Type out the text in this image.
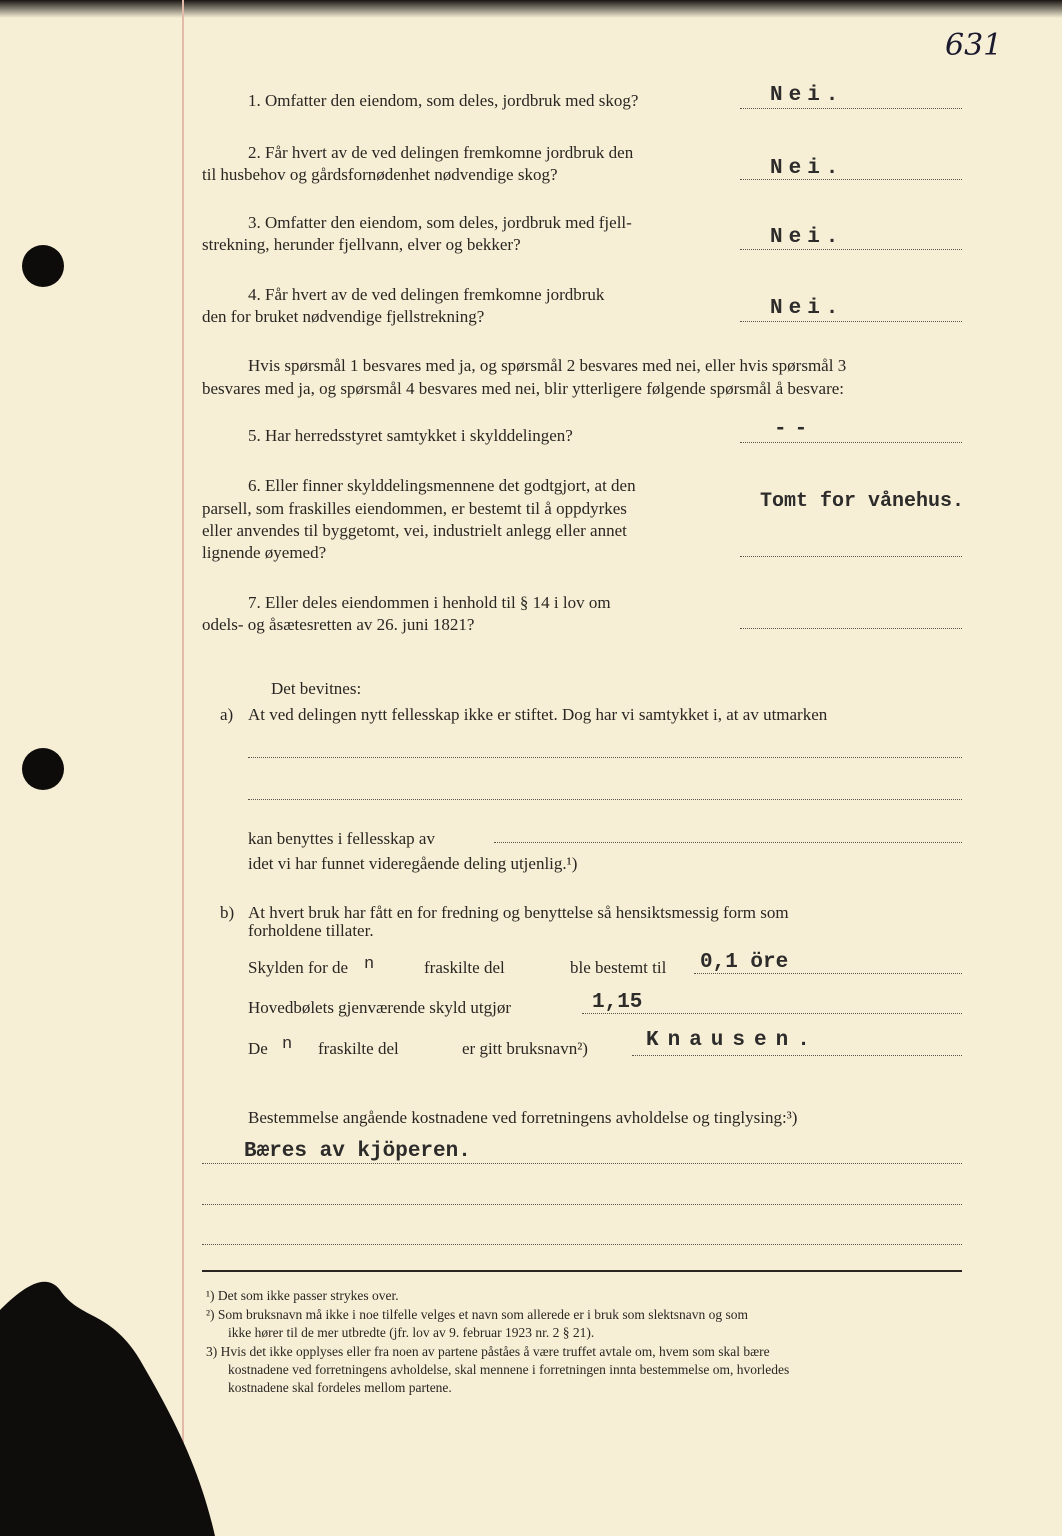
631
1. Omfatter den eiendom, som deles, jordbruk med skog?	Nei.
2. Får hvert av de ved delingen fremkomne jordbruk den
til husbehov og gårdsfornødenhet nødvendige skog?	Nei.
3. Omfatter den eiendom, som deles, jordbruk med fjell-
strekning, herunder fjellvann, elver og bekker?	Nei.
4. Får hvert av de ved delingen fremkomne jordbruk
den for bruket nødvendige fjellstrekning?	Nei.
Hvis spørsmål 1 besvares med ja, og spørsmål 2 besvares med nei, eller hvis spørsmål 3
besvares med ja, og spørsmål 4 besvares med nei, blir ytterligere følgende spørsmål å besvare:
5. Har herredsstyret samtykket i skylddelingen?	--
6. Eller finner skylddelingsmennene det godtgjort, at den
parsell, som fraskilles eiendommen, er bestemt til å oppdyrkes
eller anvendes til byggetomt, vei, industrielt anlegg eller annet
lignende øyemed?
Tomt for vånehus.
7. Eller deles eiendommen i henhold til § 14 i lov om
odels- og åsætesretten av 26. juni 1821?
Det bevitnes:
a) At ved delingen nytt fellesskap ikke er stiftet. Dog har vi samtykket i, at av utmarken
kan benyttes i fellesskap av
idet vi har funnet videregående deling utjenlig.¹)
b) At hvert bruk har fått en for fredning og benyttelse så hensiktsmessig form som
forholdene tillater.
Skylden for de n	fraskilte del	ble bestemt til 0,1 öre
Hovedbølets gjenværende skyld utgjør	1,15
De n fraskilte del	er gitt bruksnavn²)	Knausen.
Bestemmelse angående kostnadene ved forretningens avholdelse og tinglysing:³)
Bæres av kjöperen.
¹) Det som ikke passer strykes over.
²) Som bruksnavn må ikke i noe tilfelle velges et navn som allerede er i bruk som slektsnavn og som
ikke hører til de mer utbredte (jfr. lov av 9. februar 1923 nr. 2 § 21).
3) Hvis det ikke opplyses eller fra noen av partene påståes å være truffet avtale om, hvem som skal bære
kostnadene ved forretningens avholdelse, skal mennene i forretningen innta bestemmelse om, hvorledes
kostnadene skal fordeles mellom partene.
